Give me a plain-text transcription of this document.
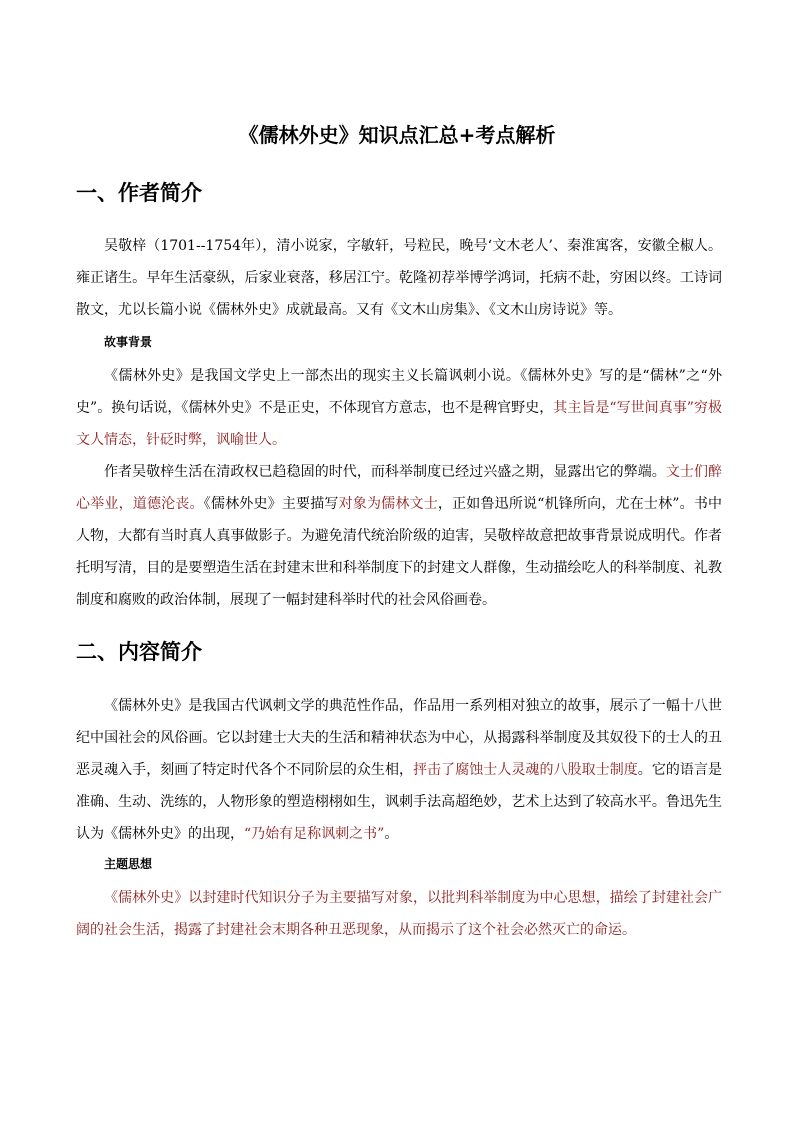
《儒林外史》知识点汇总+考点解析
一、作者简介
吴敬梓（1701--1754年），清小说家，字敏轩，号粒民，晚号‘文木老人’、秦淮寓客，安徽全椒人。雍正诸生。早年生活豪纵，后家业衰落，移居江宁。乾隆初荐举博学鸿词，托病不赴，穷困以终。工诗词散文，尤以长篇小说《儒林外史》成就最高。又有《文木山房集》、《文木山房诗说》等。
故事背景
《儒林外史》是我国文学史上一部杰出的现实主义长篇讽刺小说。《儒林外史》写的是“儒林”之“外史”。换句话说，《儒林外史》不是正史，不体现官方意志，也不是稗官野史，其主旨是“写世间真事”穷极文人情态，针砭时弊，讽喻世人。
作者吴敬梓生活在清政权已趋稳固的时代，而科举制度已经过兴盛之期，显露出它的弊端。文士们醉心举业，道德沦丧。《儒林外史》主要描写对象为儒林文士，正如鲁迅所说“机锋所向，尤在士林”。书中人物，大都有当时真人真事做影子。为避免清代统治阶级的迫害，吴敬梓故意把故事背景说成明代。作者托明写清，目的是要塑造生活在封建末世和科举制度下的封建文人群像，生动描绘吃人的科举制度、礼教制度和腐败的政治体制，展现了一幅封建科举时代的社会风俗画卷。
二、内容简介
《儒林外史》是我国古代讽刺文学的典范性作品，作品用一系列相对独立的故事，展示了一幅十八世纪中国社会的风俗画。它以封建士大夫的生活和精神状态为中心，从揭露科举制度及其奴役下的士人的丑恶灵魂入手，刻画了特定时代各个不同阶层的众生相，抨击了腐蚀士人灵魂的八股取士制度。它的语言是准确、生动、洗练的，人物形象的塑造栩栩如生，讽刺手法高超绝妙，艺术上达到了较高水平。鲁迅先生认为《儒林外史》的出现，“乃始有足称讽刺之书”。
主题思想
《儒林外史》以封建时代知识分子为主要描写对象，以批判科举制度为中心思想，描绘了封建社会广阔的社会生活，揭露了封建社会末期各种丑恶现象，从而揭示了这个社会必然灭亡的命运。
